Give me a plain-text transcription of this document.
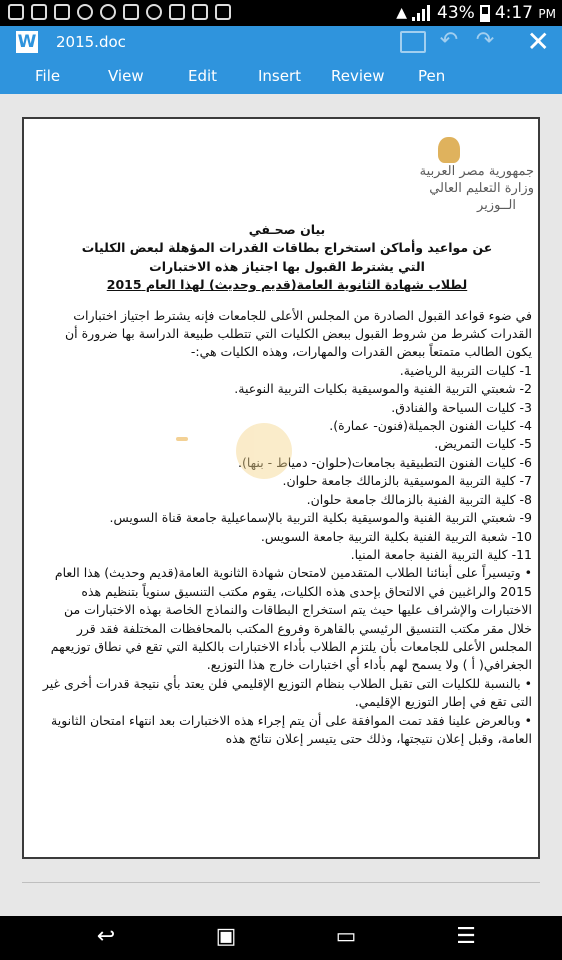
▲ 43% 4:17 PM
W 2015.doc	↶ ↷ ✕
File	View	Edit	Insert Review Pen

جمهورية مصر العربية

وزارة التعليم العالي

الــوزير

بيان صحـفي

عن مواعيد وأماكن استخراج بطاقات القدرات المؤهلة لبعض الكليات

التي يشترط القبول بها اجتياز هذه الاختبارات

لطلاب شهادة الثانوية العامة(قديم وحديث) لهذا العام 2015

في ضوء قواعد القبول الصادرة من المجلس الأعلى للجامعات فإنه يشترط اجتياز اختبارات القدرات كشرط من شروط القبول ببعض الكليات التي تتطلب طبيعة الدراسة بها ضرورة أن يكون الطالب متمتعاً ببعض القدرات والمهارات، وهذه الكليات هي:-

1- كليات التربية الرياضية.

2- شعبتي التربية الفنية والموسيقية بكليات التربية النوعية.

3- كليات السياحة والفنادق.

4- كليات الفنون الجميلة(فنون- عمارة).

5- كليات التمريض.

6- كليات الفنون التطبيقية بجامعات(حلوان- دمياط - بنها).

7- كلية التربية الموسيقية بالزمالك جامعة حلوان.

8- كلية التربية الفنية بالزمالك جامعة حلوان.

9- شعبتي التربية الفنية والموسيقية بكلية التربية بالإسماعيلية جامعة قناة السويس.

10- شعبة التربية الفنية بكلية التربية جامعة السويس.

11- كلية التربية الفنية جامعة المنيا.

• وتيسيراً على أبنائنا الطلاب المتقدمين لامتحان شهادة الثانوية العامة(قديم وحديث) هذا العام 2015 والراغبين في الالتحاق بإحدى هذه الكليات، يقوم مكتب التنسيق سنوياً بتنظيم هذه الاختبارات والإشراف عليها حيث يتم استخراج البطاقات والنماذج الخاصة بهذه الاختبارات من خلال مقر مكتب التنسيق الرئيسي بالقاهرة وفروع المكتب بالمحافظات المختلفة فقد قرر المجلس الأعلى للجامعات بأن يلتزم الطلاب بأداء الاختبارات بالكلية التي تقع في نطاق توزيعهم الجغرافي( أ ) ولا يسمح لهم بأداء أي اختبارات خارج هذا التوزيع.

• بالنسبة للكليات التى تقبل الطلاب بنظام التوزيع الإقليمي فلن يعتد بأي نتيجة قدرات أخرى غير التى تقع في إطار التوزيع الإقليمي.

• وبالعرض علينا فقد تمت الموافقة على أن يتم إجراء هذه الاختبارات بعد انتهاء امتحان الثانوية العامة، وقبل إعلان نتيجتها، وذلك حتى يتيسر إعلان نتائج هذه

↩	▣	▭	☰
